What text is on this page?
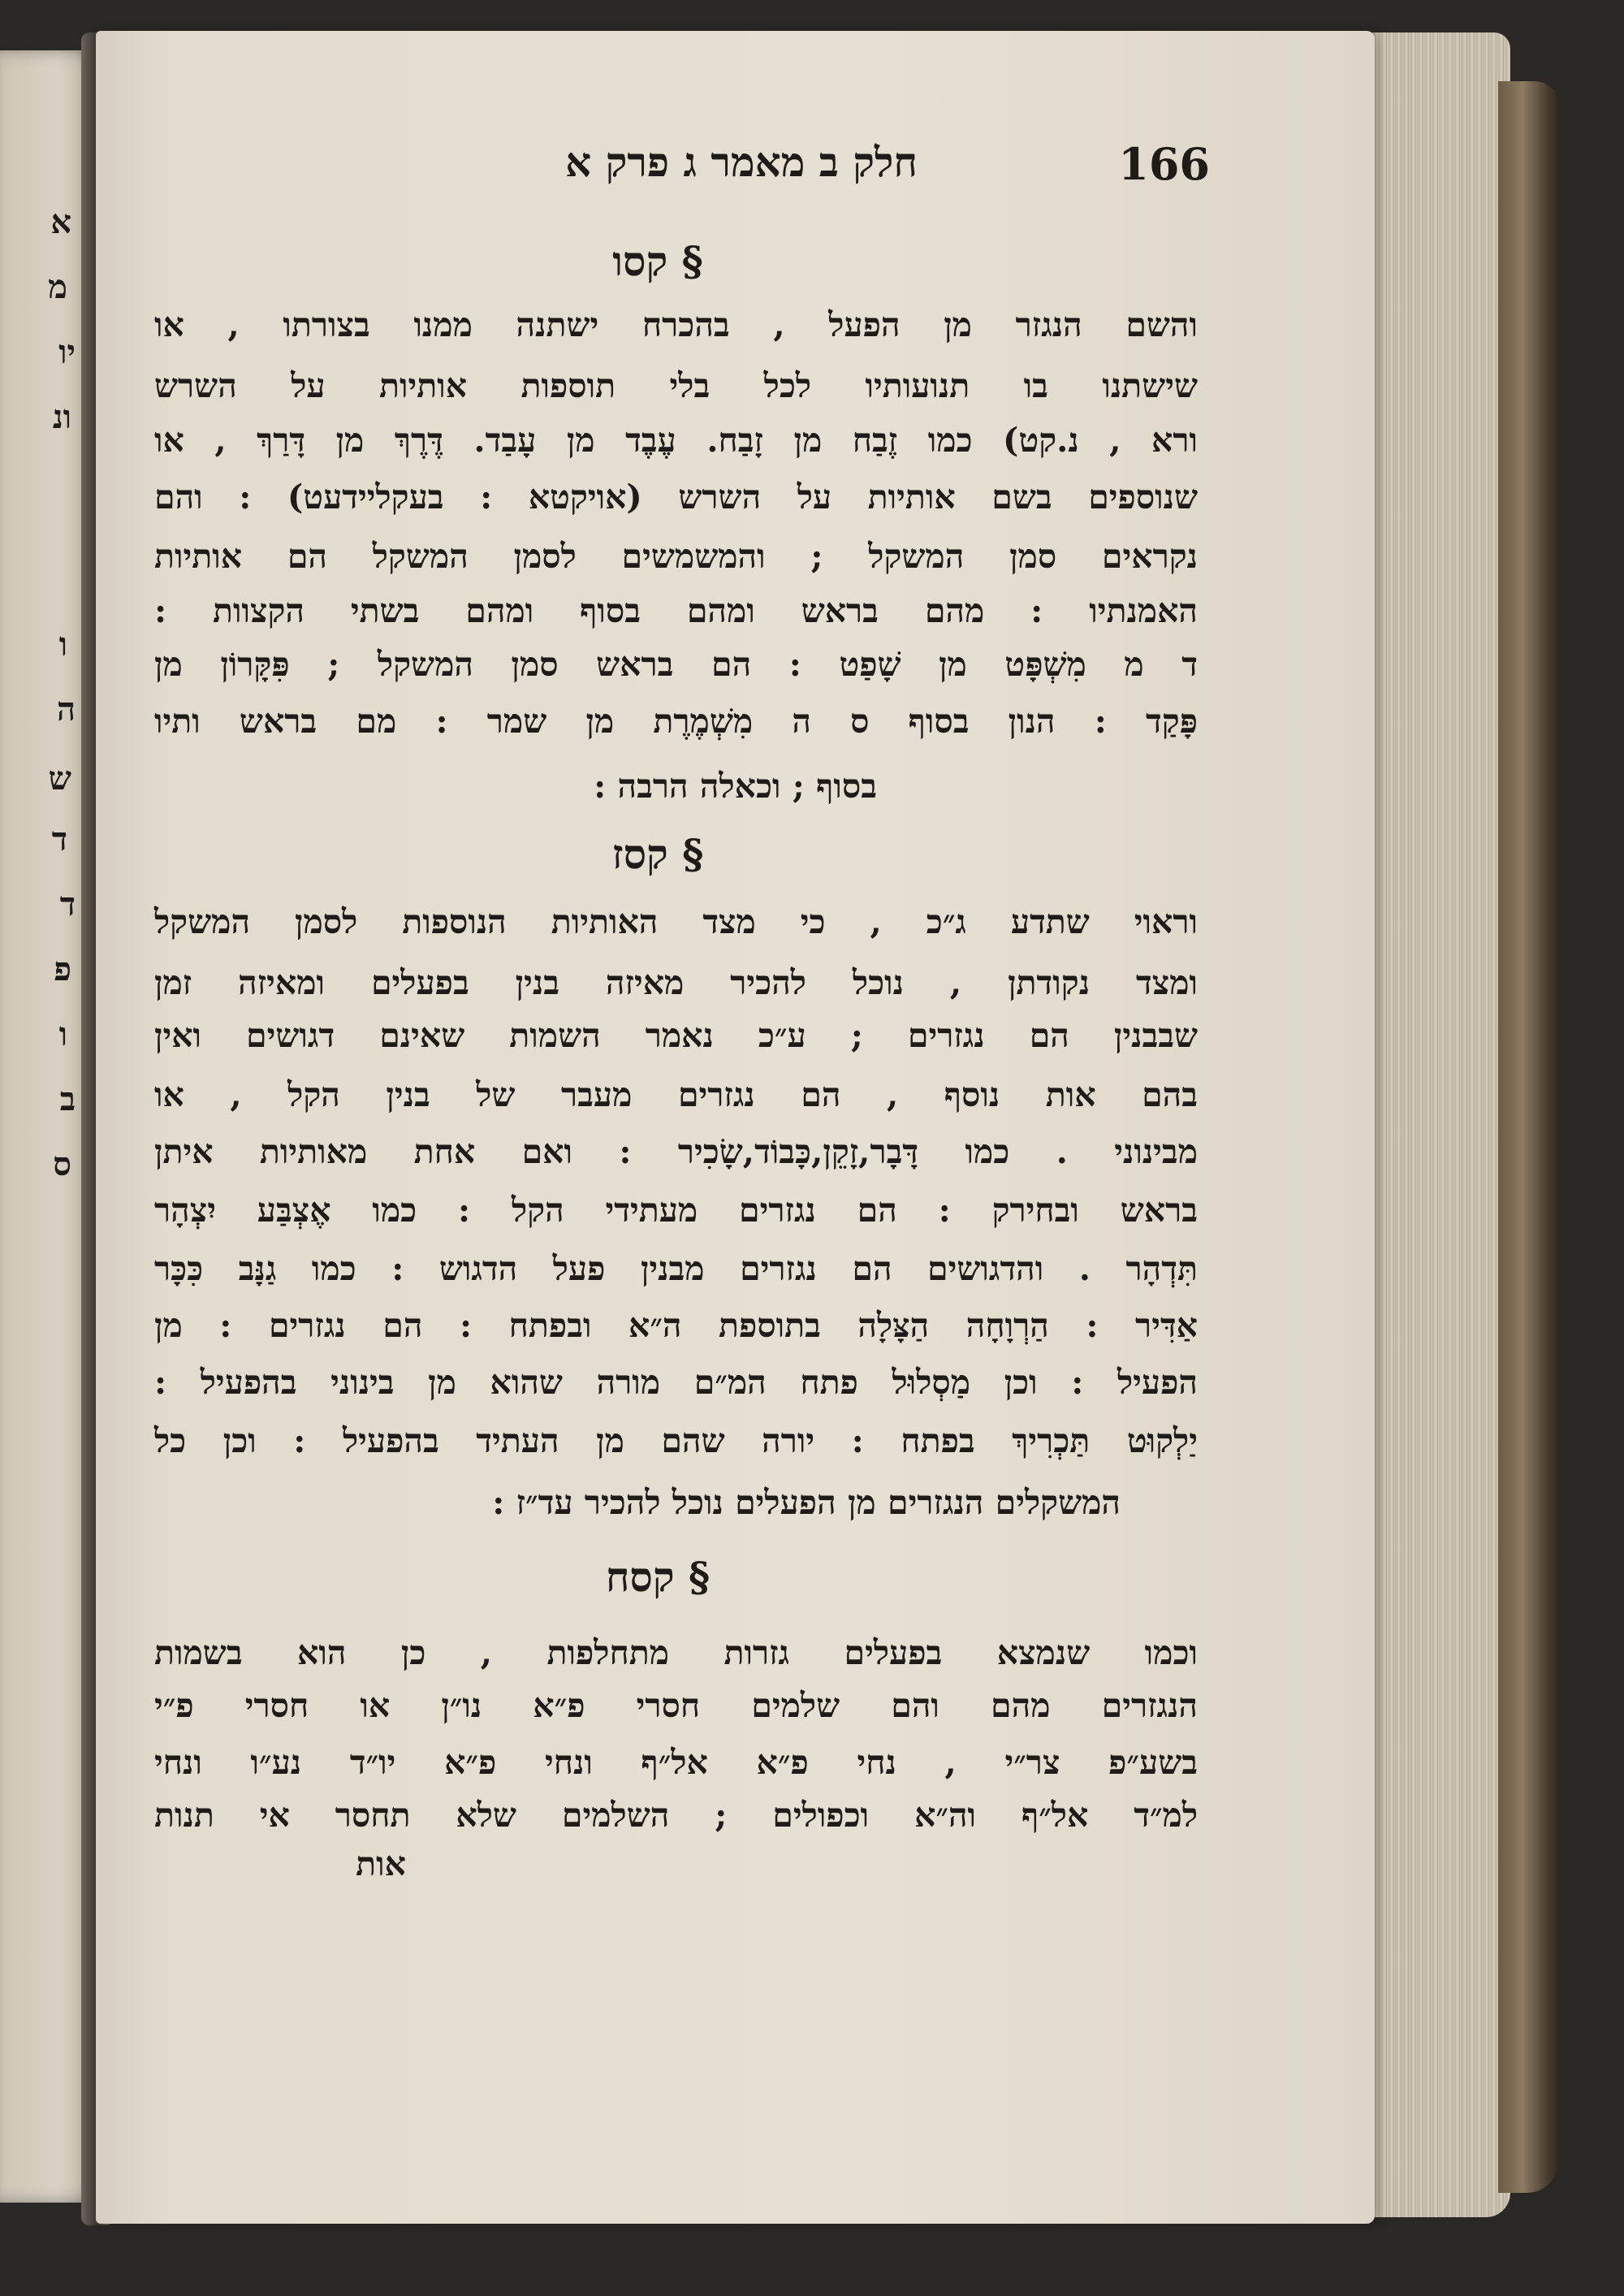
א
מ
יו
ונ
ו
ה
ש
ד
ד
פ
ו
ב
ס
חלק ב מאמר ג פרק א	166
§ קסו
והשם הנגזר מן הפעל , בהכרח ישתנה ממנו בצורתו , או
שישתנו בו תנועותיו לכל בלי תוספות אותיות על השרש
ורא , נ.קט) כמו זֶבַח מן זָבַח. עֶבֶד מן עָבַד. דֶּרֶךְ מן דָּרַךְ , או
שנוספים בשם אותיות על השרש (אויקטא : בעקליידעט) : והם
נקראים סמן המשקל ; והמשמשים לסמן המשקל הם אותיות
האמנתיו : מהם בראש ומהם בסוף ומהם בשתי הקצוות :
ד מ מִשְׁפָּט מן שָׁפַט : הם בראש סמן המשקל ; פִּקָּרוֹן מן
פָּקַד : הנון בסוף ס ה מִשְׁמֶרֶת מן שמר : מם בראש ותיו
בסוף ; וכאלה הרבה :
§ קסז
וראוי שתדע ג״כ , כי מצד האותיות הנוספות לסמן המשקל
ומצד נקודתן , נוכל להכיר מאיזה בנין בפעלים ומאיזה זמן
שבבנין הם נגזרים ; ע״כ נאמר השמות שאינם דגושים ואין
בהם אות נוסף , הם נגזרים מעבר של בנין הקל , או
מבינוני . כמו דָּבָר,זָקֵן,כָּבוֹד,שָׂכִיר : ואם אחת מאותיות איתן
בראש ובחירק : הם נגזרים מעתידי הקל : כמו אֶצְבַּע יִצְהָר
תִּדְהָר . והדגושים הם נגזרים מבנין פעל הדגוש : כמו גַנָּב כִּכָּר
אַדִּיר : הַרְוָחָה הַצָּלָה בתוספת ה״א ובפתח : הם נגזרים : מן
הפעיל : וכן מַסְלוּל פתח המ״ם מורה שהוא מן בינוני בהפעיל :
יַלְקוּט תַּכְרִיךְ בפתח : יורה שהם מן העתיד בהפעיל : וכן כל
המשקלים הנגזרים מן הפעלים נוכל להכיר עד״ז :
§ קסח
וכמו שנמצא בפעלים גזרות מתחלפות , כן הוא בשמות
הנגזרים מהם והם שלמים חסרי פ״א נו״ן או חסרי פ״י
בשע״פ צר״י , נחי פ״א אל״ף ונחי פ״א יו״ד נע״ו ונחי
למ״ד אל״ף וה״א וכפולים ; השלמים שלא תחסר אי תנות
אות
